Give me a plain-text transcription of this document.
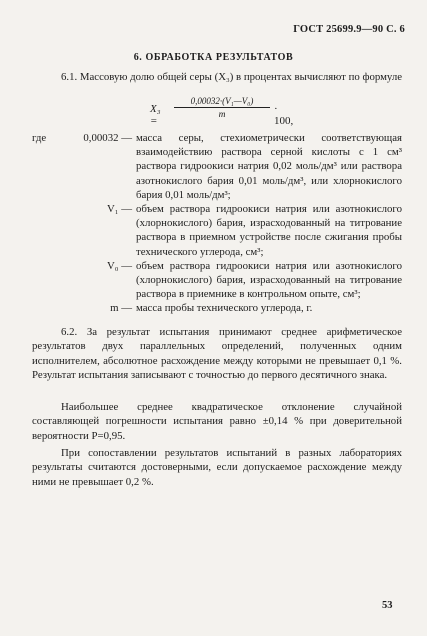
ГОСТ 25699.9—90 С. 6
6. ОБРАБОТКА РЕЗУЛЬТАТОВ
6.1. Массовую долю общей серы (X₃) в процентах вычисляют по формуле
X₃ =
$\frac{\text{0,00032·(V₁—V₀)}}{m} \cdot 100$,
где	0,00032 — масса серы, стехиометрически соответствующая взаимодействию раствора серной кислоты с 1 см³ раствора гидроокиси натрия 0,02 моль/дм³ или раствора азотнокислого бария 0,01 моль/дм³, или хлорнокислого бария 0,01 моль/дм³;
V₁ — объем раствора гидроокиси натрия или азотнокислого (хлорнокислого) бария, израсходованный на титрование раствора в приемном устройстве после сжигания пробы технического углерода, см³;
V₀ — объем раствора гидроокиси натрия или азотнокислого (хлорнокислого) бария, израсходованный на титрование раствора в приемнике в контрольном опыте, см³;
m — масса пробы технического углерода, г.
6.2. За результат испытания принимают среднее арифметическое результатов двух параллельных определений, полученных одним исполнителем, абсолютное расхождение между которыми не превышает 0,1 %. Результат испытания записывают с точностью до первого десятичного знака.
Наибольшее среднее квадратическое отклонение случайной составляющей погрешности испытания равно ±0,14 % при доверительной вероятности P=0,95.
При сопоставлении результатов испытаний в разных лабораториях результаты считаются достоверными, если допускаемое расхождение между ними не превышает 0,2 %.
53
